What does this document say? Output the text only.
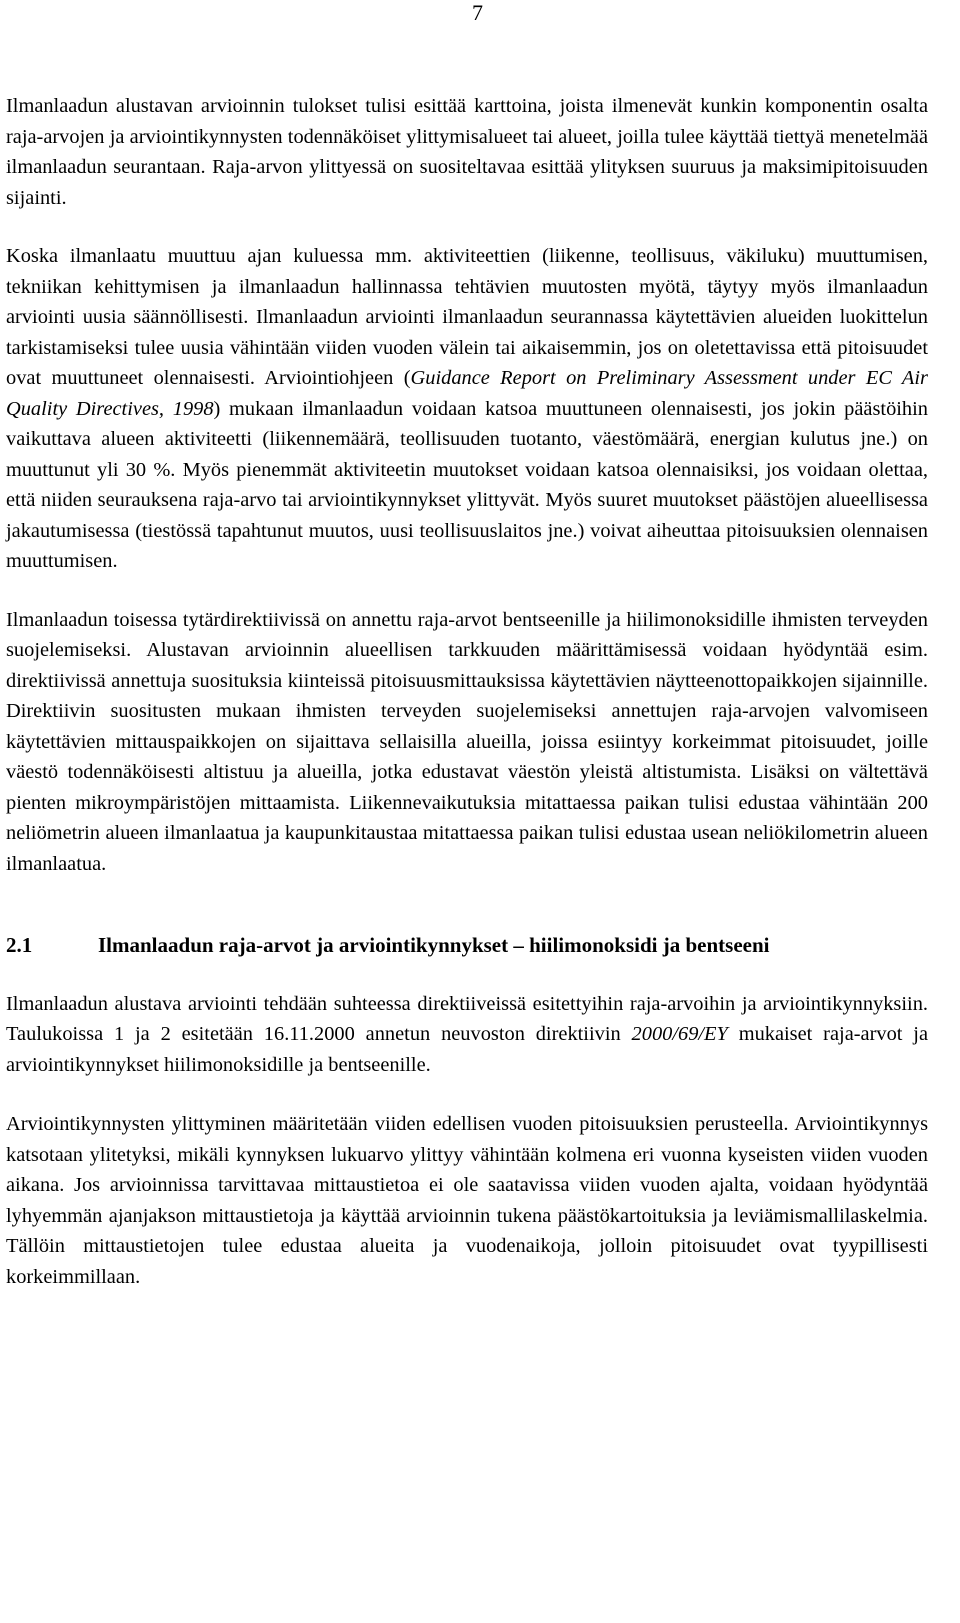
7

Ilmanlaadun alustavan arvioinnin tulokset tulisi esittää karttoina, joista ilmenevät kunkin komponentin osalta raja-arvojen ja arviointikynnysten todennäköiset ylittymisalueet tai alueet, joilla tulee käyttää tiettyä menetelmää ilmanlaadun seurantaan. Raja-arvon ylittyessä on suositeltavaa esittää ylityksen suuruus ja maksimipitoisuuden sijainti.

Koska ilmanlaatu muuttuu ajan kuluessa mm. aktiviteettien (liikenne, teollisuus, väkiluku) muuttumisen, tekniikan kehittymisen ja ilmanlaadun hallinnassa tehtävien muutosten myötä, täytyy myös ilmanlaadun arviointi uusia säännöllisesti. Ilmanlaadun arviointi ilmanlaadun seurannassa käytettävien alueiden luokittelun tarkistamiseksi tulee uusia vähintään viiden vuoden välein tai aikaisemmin, jos on oletettavissa että pitoisuudet ovat muuttuneet olennaisesti. Arviointiohjeen (Guidance Report on Preliminary Assessment under EC Air Quality Directives, 1998) mukaan ilmanlaadun voidaan katsoa muuttuneen olennaisesti, jos jokin päästöihin vaikuttava alueen aktiviteetti (liikennemäärä, teollisuuden tuotanto, väestömäärä, energian kulutus jne.) on muuttunut yli 30 %. Myös pienemmät aktiviteetin muutokset voidaan katsoa olennaisiksi, jos voidaan olettaa, että niiden seurauksena raja-arvo tai arviointikynnykset ylittyvät. Myös suuret muutokset päästöjen alueellisessa jakautumisessa (tiestössä tapahtunut muutos, uusi teollisuuslaitos jne.) voivat aiheuttaa pitoisuuksien olennaisen muuttumisen.

Ilmanlaadun toisessa tytärdirektiivissä on annettu raja-arvot bentseenille ja hiilimonoksidille ihmisten terveyden suojelemiseksi. Alustavan arvioinnin alueellisen tarkkuuden määrittämisessä voidaan hyödyntää esim. direktiivissä annettuja suosituksia kiinteissä pitoisuusmittauksissa käytettävien näytteenottopaikkojen sijainnille. Direktiivin suositusten mukaan ihmisten terveyden suojelemiseksi annettujen raja-arvojen valvomiseen käytettävien mittauspaikkojen on sijaittava sellaisilla alueilla, joissa esiintyy korkeimmat pitoisuudet, joille väestö todennäköisesti altistuu ja alueilla, jotka edustavat väestön yleistä altistumista. Lisäksi on vältettävä pienten mikroympäristöjen mittaamista. Liikennevaikutuksia mitattaessa paikan tulisi edustaa vähintään 200 neliömetrin alueen ilmanlaatua ja kaupunkitaustaa mitattaessa paikan tulisi edustaa usean neliökilometrin alueen ilmanlaatua.

2.1	Ilmanlaadun raja-arvot ja arviointikynnykset – hiilimonoksidi ja bentseeni

Ilmanlaadun alustava arviointi tehdään suhteessa direktiiveissä esitettyihin raja-arvoihin ja arviointikynnyksiin. Taulukoissa 1 ja 2 esitetään 16.11.2000 annetun neuvoston direktiivin 2000/69/EY mukaiset raja-arvot ja arviointikynnykset hiilimonoksidille ja bentseenille.

Arviointikynnysten ylittyminen määritetään viiden edellisen vuoden pitoisuuksien perusteella. Arviointikynnys katsotaan ylitetyksi, mikäli kynnyksen lukuarvo ylittyy vähintään kolmena eri vuonna kyseisten viiden vuoden aikana. Jos arvioinnissa tarvittavaa mittaustietoa ei ole saatavissa viiden vuoden ajalta, voidaan hyödyntää lyhyemmän ajanjakson mittaustietoja ja käyttää arvioinnin tukena päästökartoituksia ja leviämismallilaskelmia. Tällöin mittaustietojen tulee edustaa alueita ja vuodenaikoja, jolloin pitoisuudet ovat tyypillisesti korkeimmillaan.
